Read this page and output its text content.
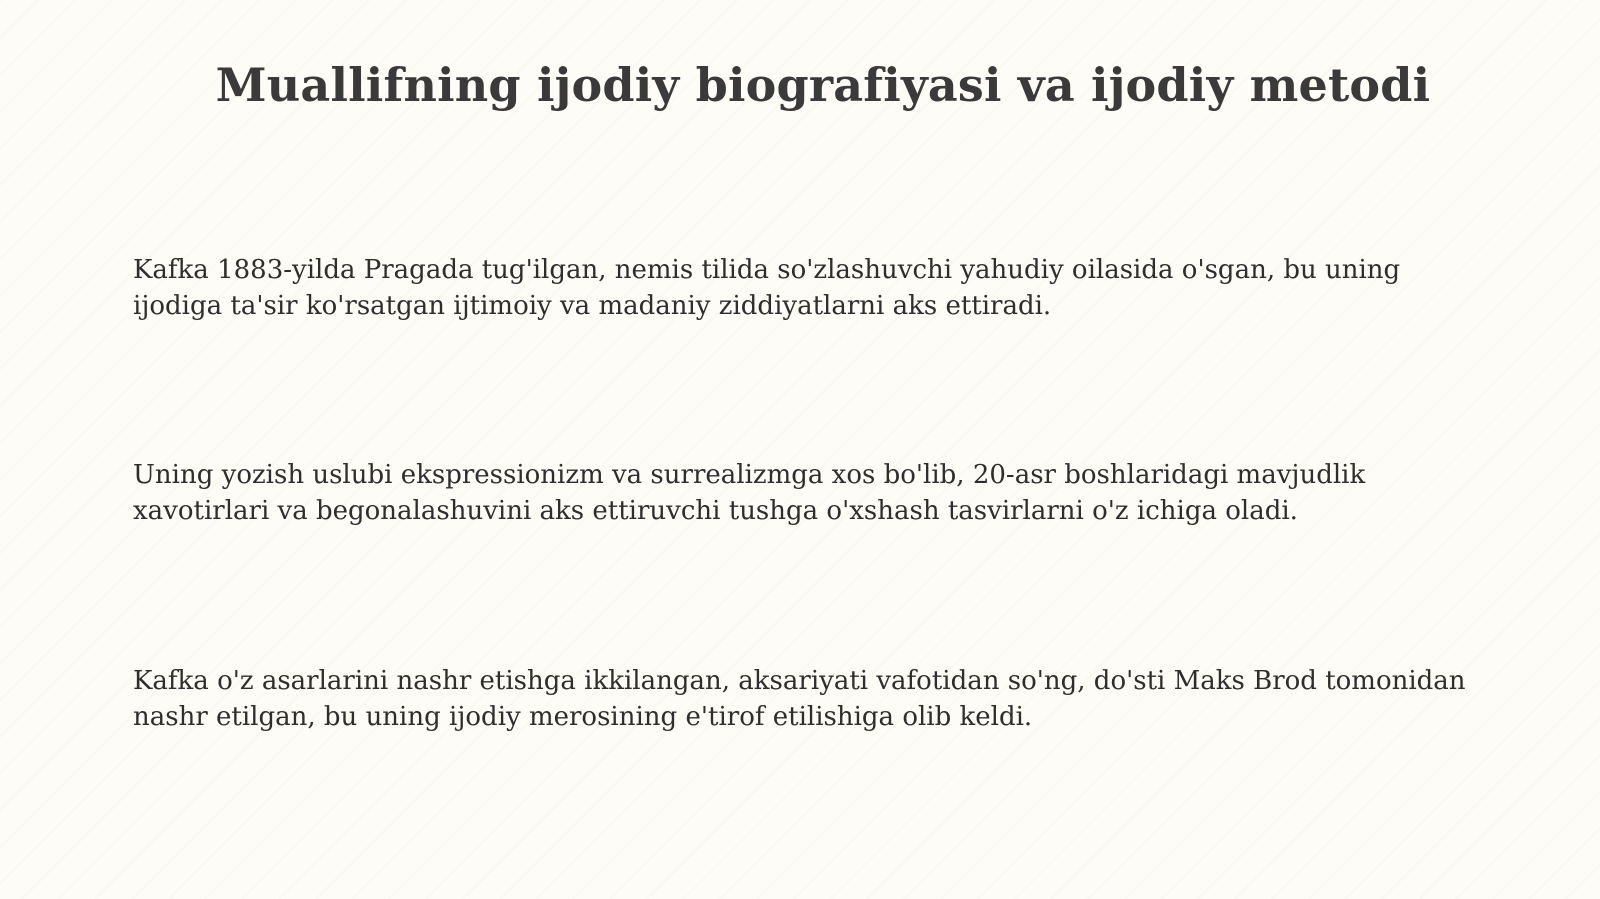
Muallifning ijodiy biografiyasi va ijodiy metodi

Kafka 1883-yilda Pragada tug'ilgan, nemis tilida so'zlashuvchi yahudiy oilasida o'sgan, bu uning ijodiga ta'sir ko'rsatgan ijtimoiy va madaniy ziddiyatlarni aks ettiradi.

Uning yozish uslubi ekspressionizm va surrealizmga xos bo'lib, 20-asr boshlaridagi mavjudlik xavotirlari va begonalashuvini aks ettiruvchi tushga o'xshash tasvirlarni o'z ichiga oladi.

Kafka o'z asarlarini nashr etishga ikkilangan, aksariyati vafotidan so'ng, do'sti Maks Brod tomonidan nashr etilgan, bu uning ijodiy merosining e'tirof etilishiga olib keldi.
